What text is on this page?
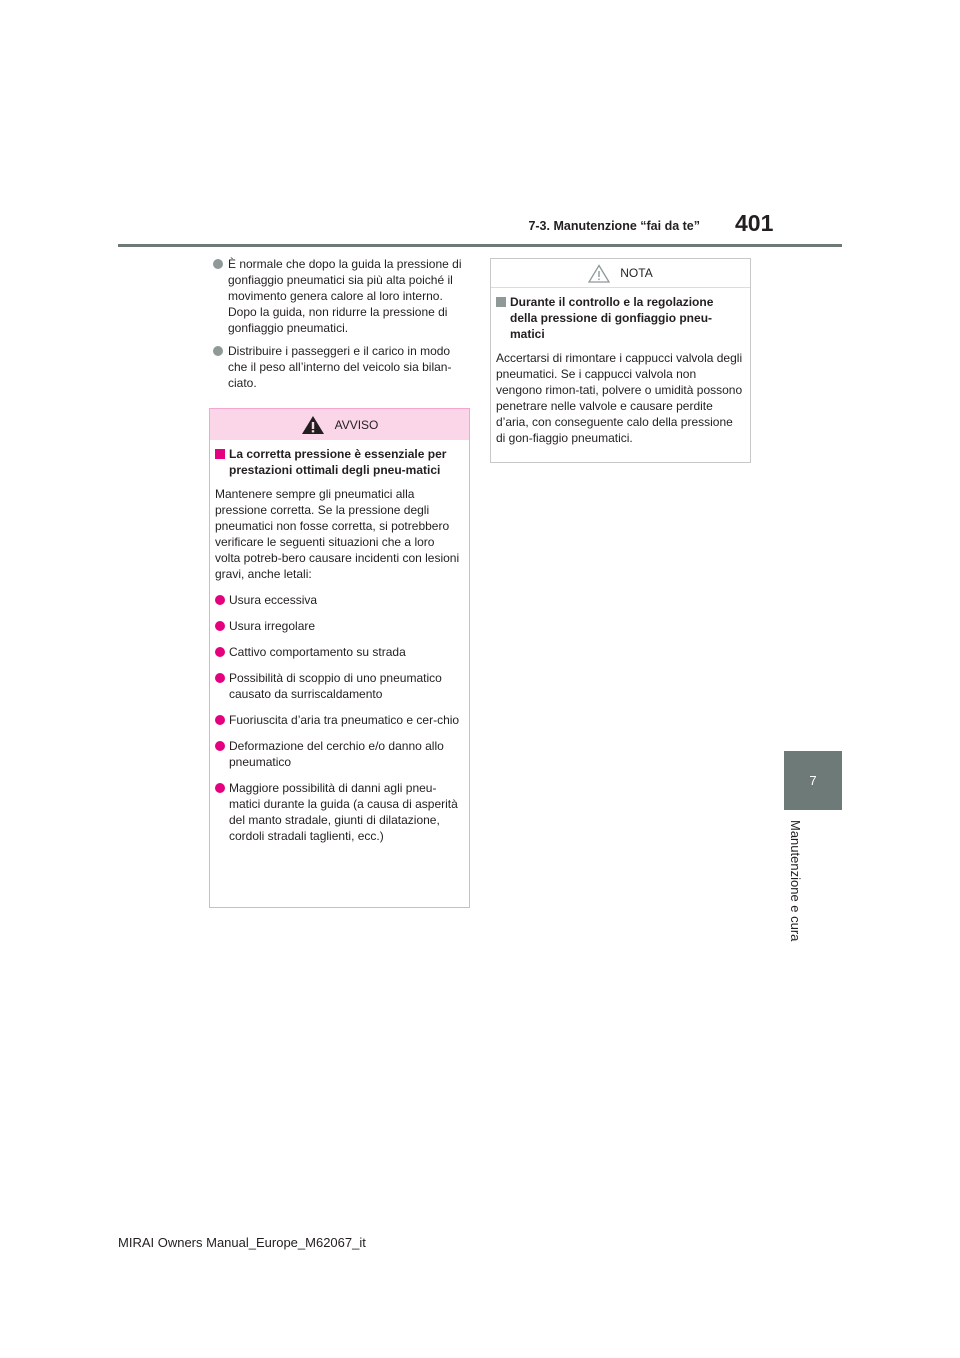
7-3. Manutenzione “fai da te” 401
7
Manutenzione e cura
È normale che dopo la guida la pressione di gonfiaggio pneumatici sia più alta poiché il movimento genera calore al loro interno. Dopo la guida, non ridurre la pressione di gonfiaggio pneumatici.
Distribuire i passeggeri e il carico in modo che il peso all’interno del veicolo sia bilan-ciato.
AVVISO
La corretta pressione è essenziale per prestazioni ottimali degli pneu-matici

Mantenere sempre gli pneumatici alla pressione corretta. Se la pressione degli pneumatici non fosse corretta, si potrebbero verificare le seguenti situazioni che a loro volta potreb-bero causare incidenti con lesioni gravi, anche letali:

Usura eccessiva
Usura irregolare
Cattivo comportamento su strada
Possibilità di scoppio di uno pneumatico causato da surriscaldamento
Fuoriuscita d’aria tra pneumatico e cer-chio
Deformazione del cerchio e/o danno allo pneumatico
Maggiore possibilità di danni agli pneu-matici durante la guida (a causa di asperità del manto stradale, giunti di dilatazione, cordoli stradali taglienti, ecc.)
NOTA
Durante il controllo e la regolazione della pressione di gonfiaggio pneu-matici

Accertarsi di rimontare i cappucci valvola degli pneumatici. Se i cappucci valvola non vengono rimon-tati, polvere o umidità possono penetrare nelle valvole e causare perdite d’aria, con conseguente calo della pressione di gon-fiaggio pneumatici.

MIRAI Owners Manual_Europe_M62067_it
